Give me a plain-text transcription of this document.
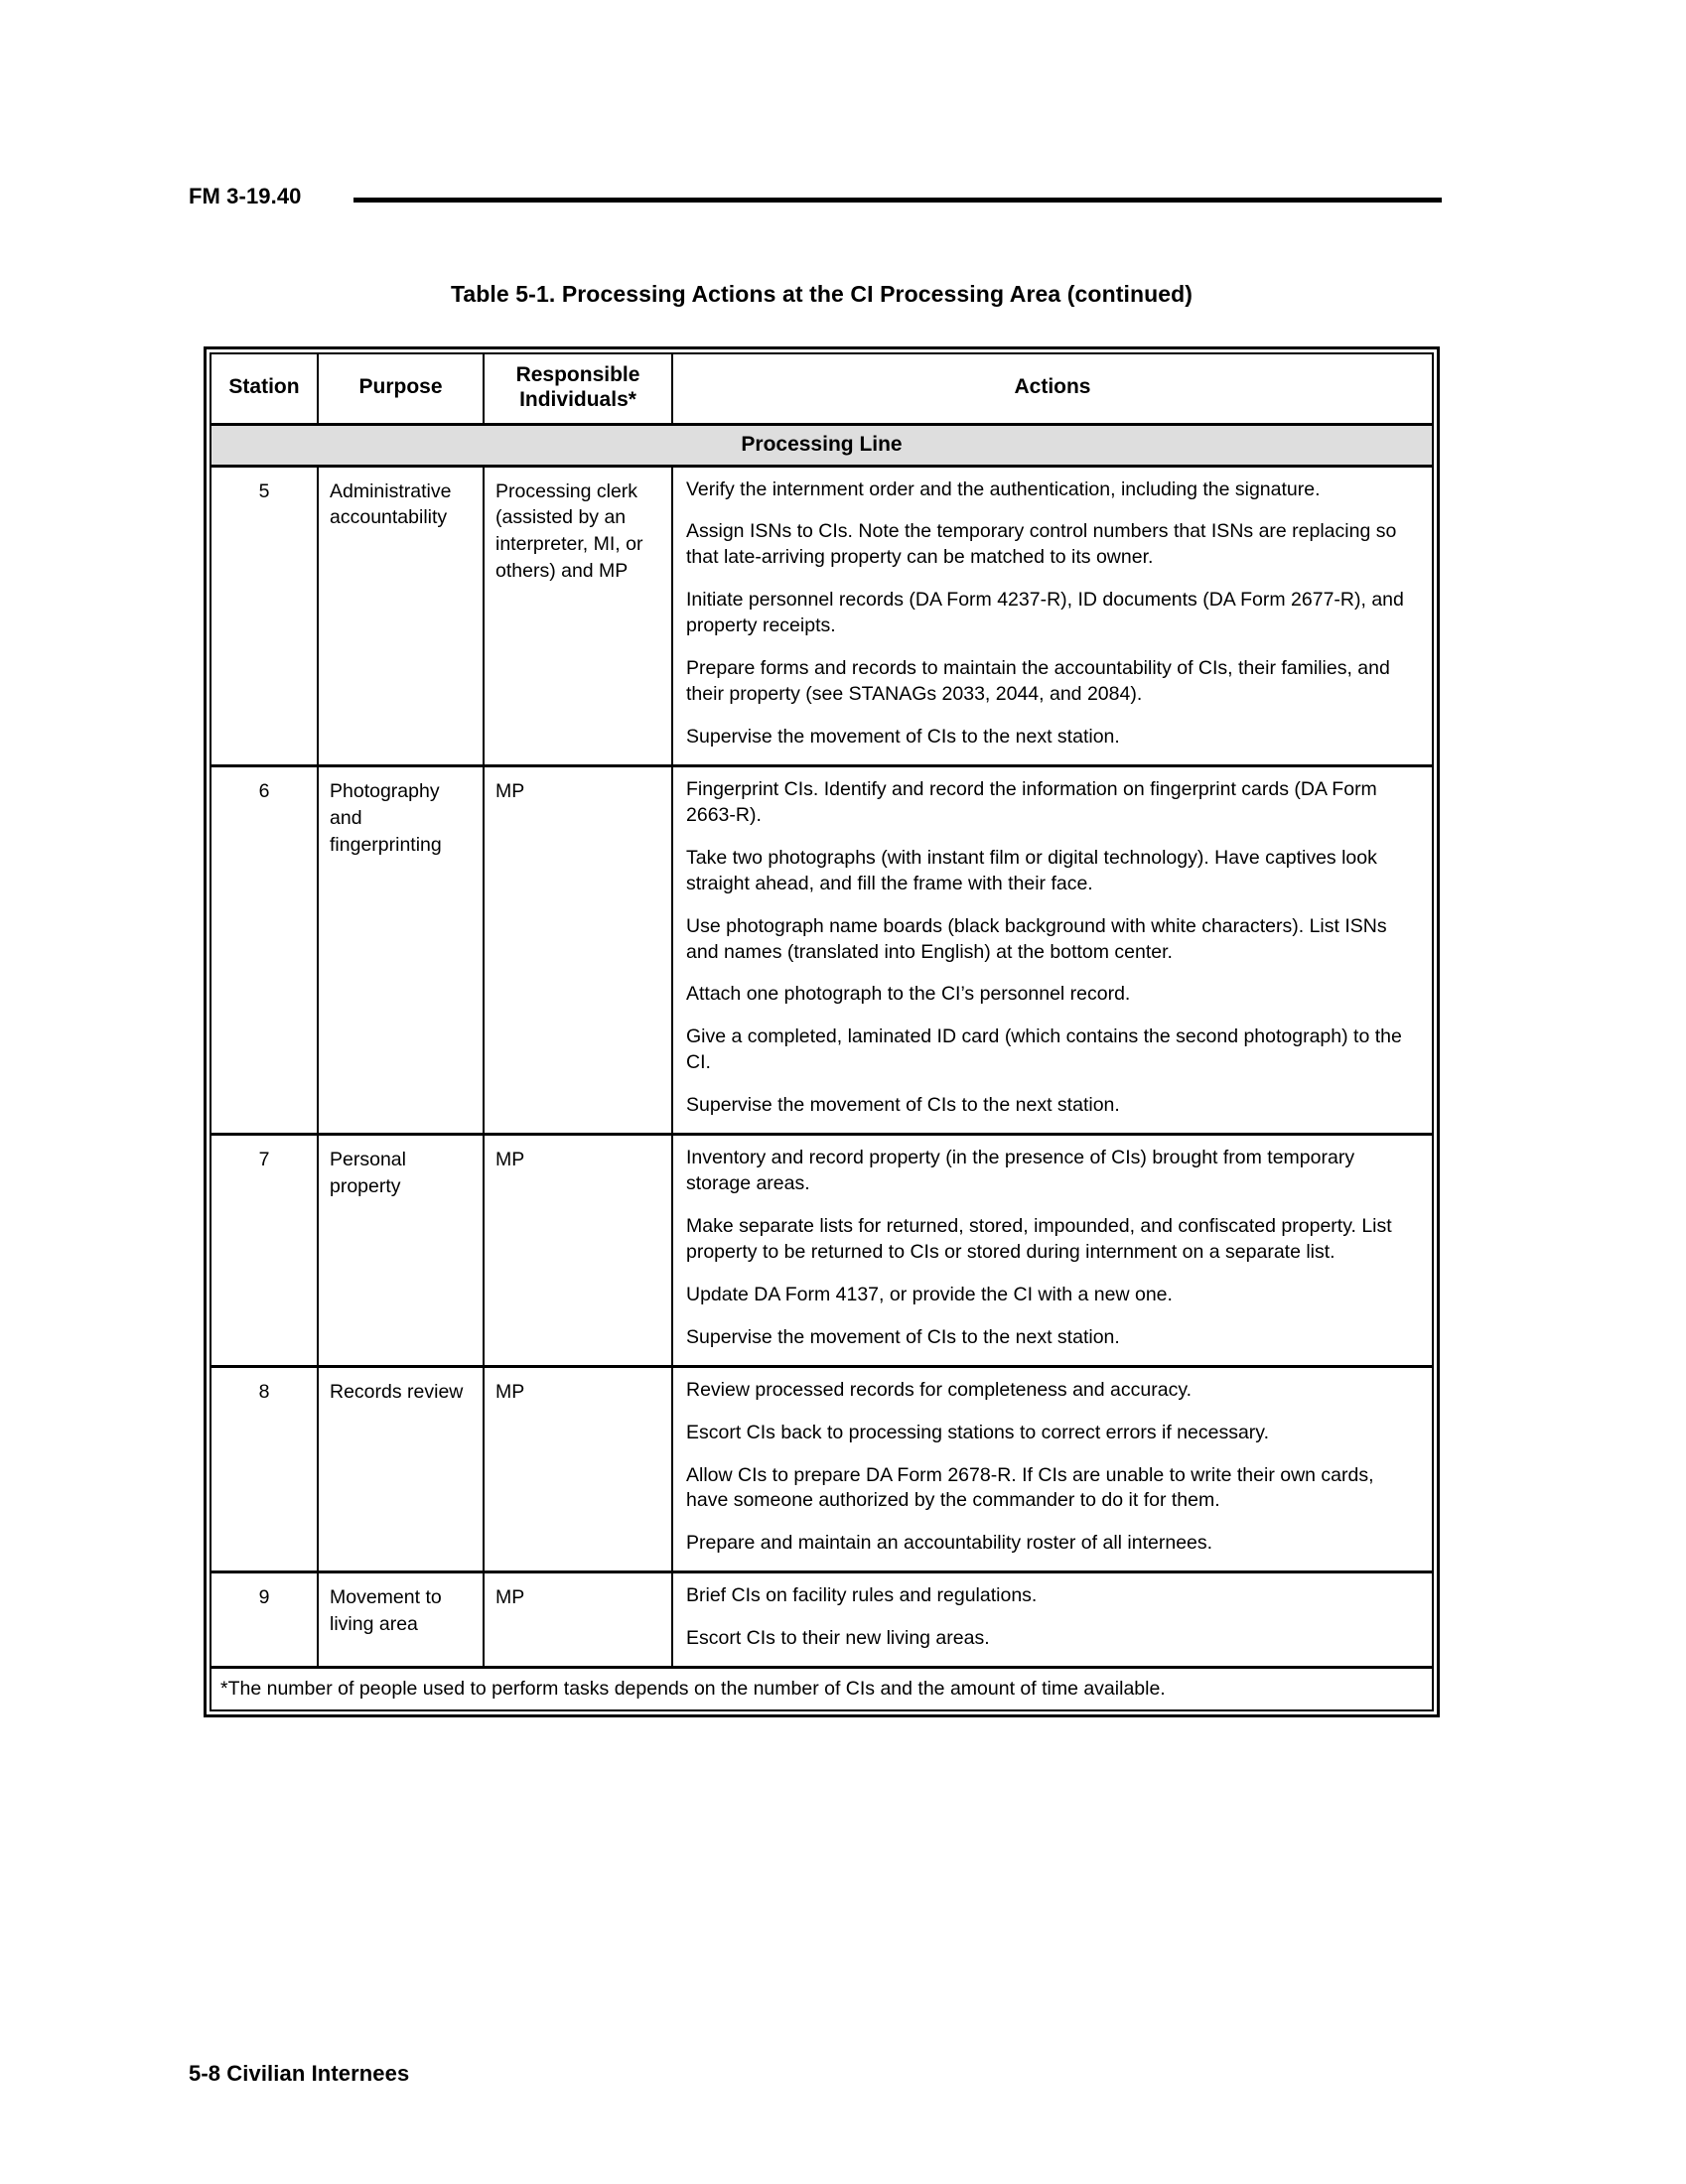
FM 3-19.40
Table 5-1. Processing Actions at the CI Processing Area (continued)
Station	Purpose	Responsible Individuals*	Actions
Processing Line			
5	Administrative accountability	Processing clerk (assisted by an interpreter, MI, or others) and MP	Verify the internment order and the authentication, including the signature.

Assign ISNs to CIs. Note the temporary control numbers that ISNs are replacing so that late-arriving property can be matched to its owner.

Initiate personnel records (DA Form 4237-R), ID documents (DA Form 2677-R), and property receipts.

Prepare forms and records to maintain the accountability of CIs, their families, and their property (see STANAGs 2033, 2044, and 2084).

Supervise the movement of CIs to the next station.

6	Photography and fingerprinting	MP	Fingerprint CIs. Identify and record the information on fingerprint cards (DA Form 2663-R).

Take two photographs (with instant film or digital technology). Have captives look straight ahead, and fill the frame with their face.

Use photograph name boards (black background with white characters). List ISNs and names (translated into English) at the bottom center.

Attach one photograph to the CI’s personnel record.

Give a completed, laminated ID card (which contains the second photograph) to the CI.

Supervise the movement of CIs to the next station.

7	Personal property	MP	Inventory and record property (in the presence of CIs) brought from temporary storage areas.

Make separate lists for returned, stored, impounded, and confiscated property. List property to be returned to CIs or stored during internment on a separate list.

Update DA Form 4137, or provide the CI with a new one.

Supervise the movement of CIs to the next station.

8	Records review	MP	Review processed records for completeness and accuracy.

Escort CIs back to processing stations to correct errors if necessary.

Allow CIs to prepare DA Form 2678-R. If CIs are unable to write their own cards, have someone authorized by the commander to do it for them.

Prepare and maintain an accountability roster of all internees.

9	Movement to living area	MP	Brief CIs on facility rules and regulations.

Escort CIs to their new living areas.

*The number of people used to perform tasks depends on the number of CIs and the amount of time available.			
5-8 Civilian Internees
